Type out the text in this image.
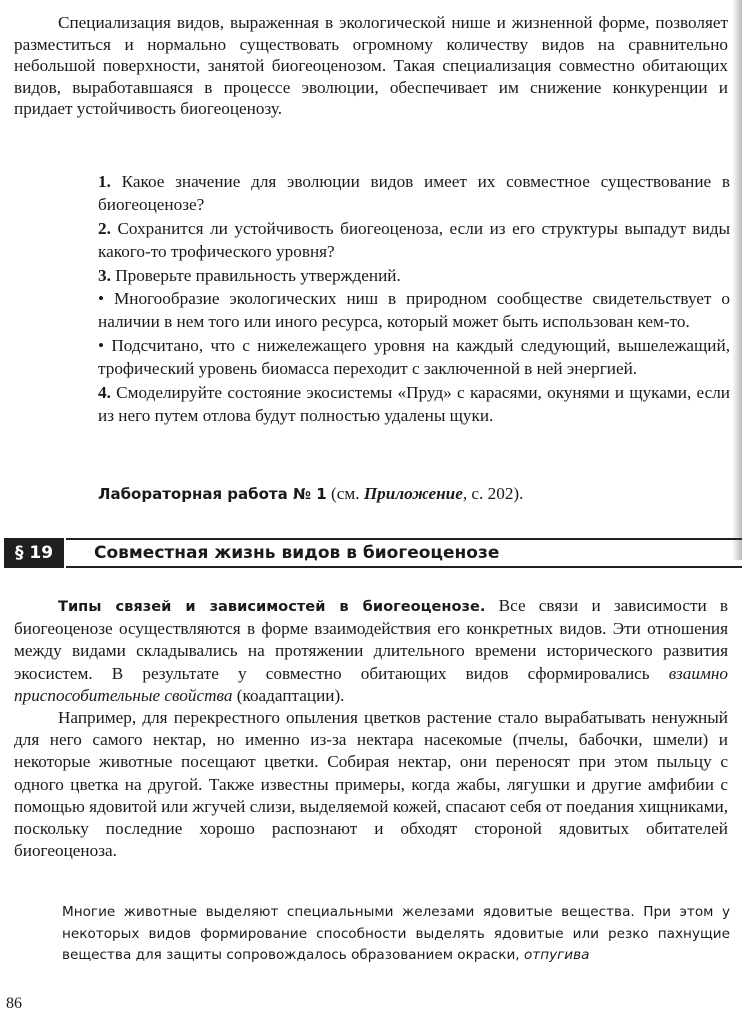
Специализация видов, выраженная в экологической нише и жизненной форме, позволяет разместиться и нормально существовать огромному количеству видов на сравнительно небольшой поверхности, занятой биогеоценозом. Такая специализация совместно обитающих видов, выработавшаяся в процессе эволюции, обеспечивает им снижение конкуренции и придает устойчивость биогеоценозу.

1. Какое значение для эволюции видов имеет их совместное существование в биогеоценозе?

2. Сохранится ли устойчивость биогеоценоза, если из его структуры выпадут виды какого-то трофического уровня?

3. Проверьте правильность утверждений.

• Многообразие экологических ниш в природном сообществе свидетельствует о наличии в нем того или иного ресурса, который может быть использован кем-то.

• Подсчитано, что с нижележащего уровня на каждый следующий, вышележащий, трофический уровень биомасса переходит с заключенной в ней энергией.

4. Смоделируйте состояние экосистемы «Пруд» с карасями, окунями и щуками, если из него путем отлова будут полностью удалены щуки.

Лабораторная работа № 1 (см. Приложение, с. 202).

§ 19	Совместная жизнь видов в биогеоценозе

Типы связей и зависимостей в биогеоценозе. Все связи и зависимости в биогеоценозе осуществляются в форме взаимодействия его конкретных видов. Эти отношения между видами складывались на протяжении длительного времени исторического развития экосистем. В результате у совместно обитающих видов сформировались взаимно приспособительные свойства (коадаптации).

Например, для перекрестного опыления цветков растение стало вырабатывать ненужный для него самого нектар, но именно из-за нектара насекомые (пчелы, бабочки, шмели) и некоторые животные посещают цветки. Собирая нектар, они переносят при этом пыльцу с одного цветка на другой. Также известны примеры, когда жабы, лягушки и другие амфибии с помощью ядовитой или жгучей слизи, выделяемой кожей, спасают себя от поедания хищниками, поскольку последние хорошо распознают и обходят стороной ядовитых обитателей биогеоценоза.

Многие животные выделяют специальными железами ядовитые вещества. При этом у некоторых видов формирование способности выделять ядовитые или резко пахнущие вещества для защиты сопровождалось образованием окраски, отпугива

86
